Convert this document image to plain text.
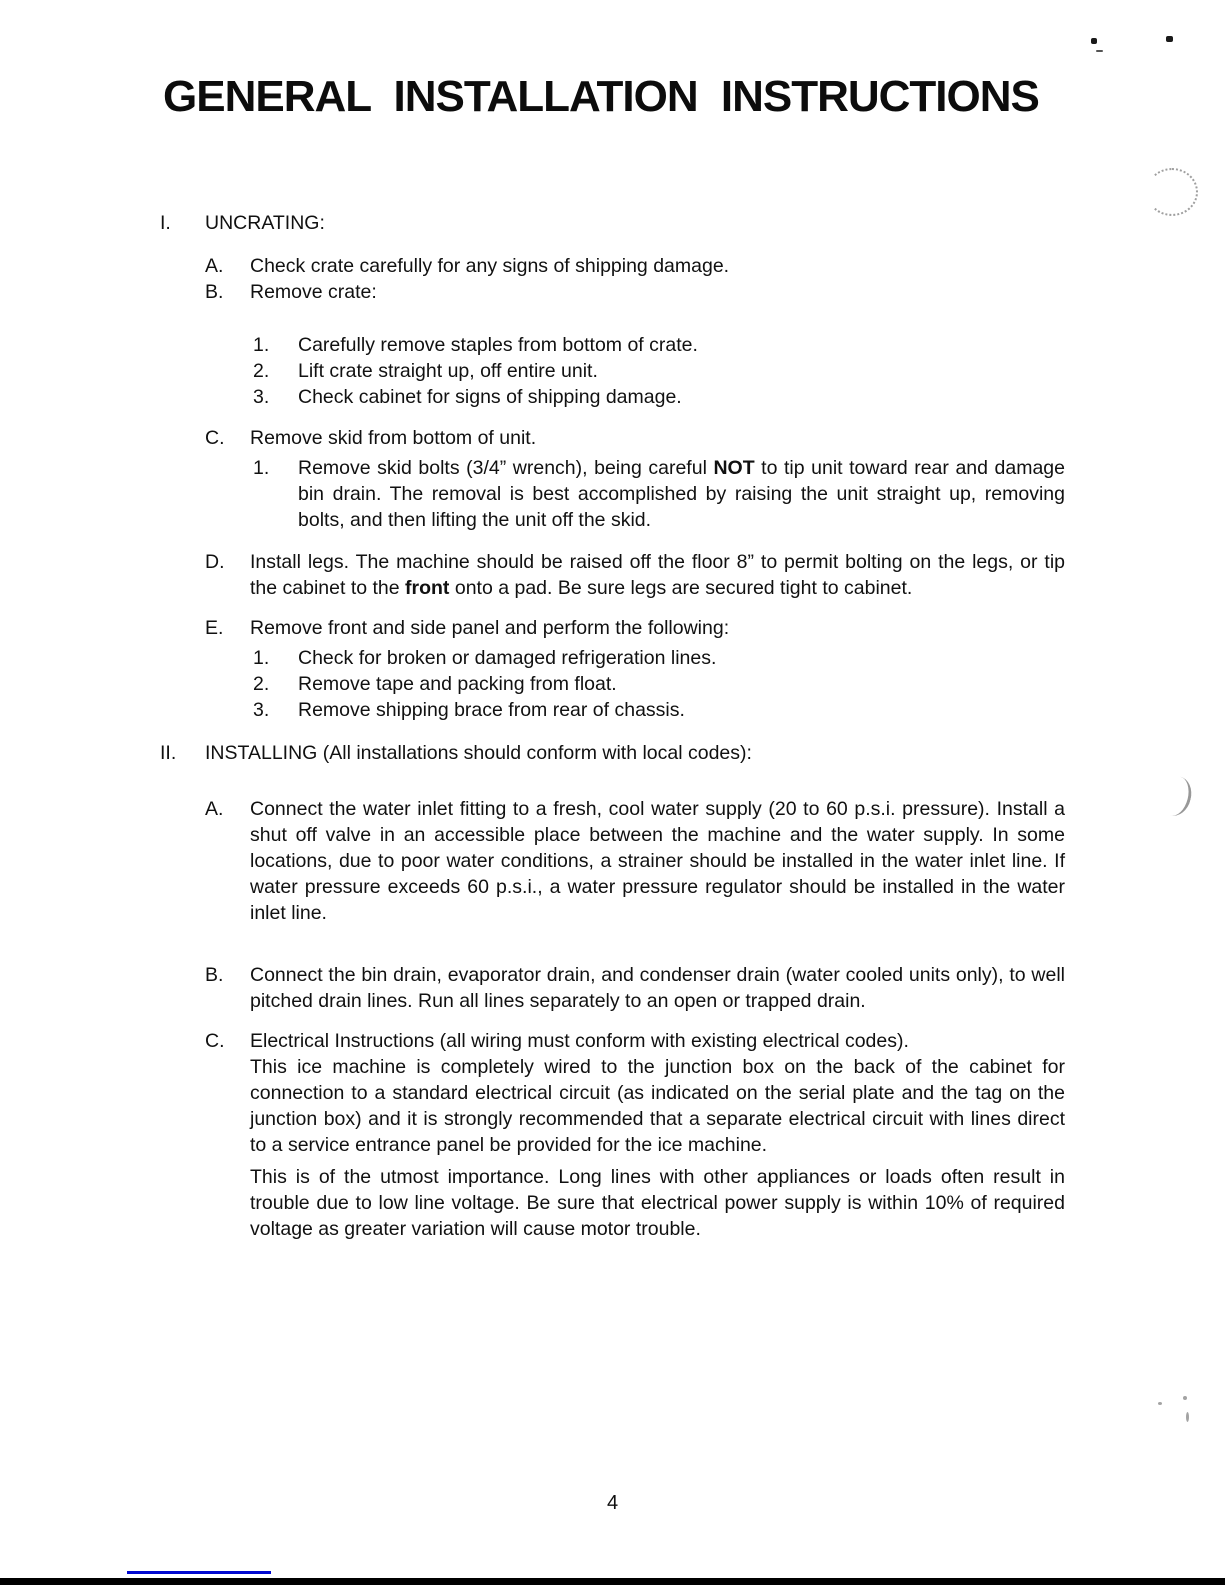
GENERAL INSTALLATION INSTRUCTIONS
I.	UNCRATING:
A.	Check crate carefully for any signs of shipping damage.
B.	Remove crate:
1.	Carefully remove staples from bottom of crate.
2.	Lift crate straight up, off entire unit.
3.	Check cabinet for signs of shipping damage.
C.	Remove skid from bottom of unit.
1.	Remove skid bolts (3/4” wrench), being careful NOT to tip unit toward rear and damage bin drain. The removal is best accomplished by raising the unit straight up, removing bolts, and then lifting the unit off the skid.
D.	Install legs. The machine should be raised off the floor 8” to permit bolting on the legs, or tip the cabinet to the front onto a pad. Be sure legs are secured tight to cabinet.
E.	Remove front and side panel and perform the following:
1.	Check for broken or damaged refrigeration lines.
2.	Remove tape and packing from float.
3.	Remove shipping brace from rear of chassis.
II.	INSTALLING (All installations should conform with local codes):
A.	Connect the water inlet fitting to a fresh, cool water supply (20 to 60 p.s.i. pressure). Install a shut off valve in an accessible place between the machine and the water supply. In some locations, due to poor water conditions, a strainer should be installed in the water inlet line. If water pressure exceeds 60 p.s.i., a water pressure regulator should be installed in the water inlet line.
B.	Connect the bin drain, evaporator drain, and condenser drain (water cooled units only), to well pitched drain lines. Run all lines separately to an open or trapped drain.
C.	Electrical Instructions (all wiring must conform with existing electrical codes).
This ice machine is completely wired to the junction box on the back of the cabinet for connection to a standard electrical circuit (as indicated on the serial plate and the tag on the junction box) and it is strongly recommended that a separate electrical circuit with lines direct to a service entrance panel be provided for the ice machine.
This is of the utmost importance. Long lines with other appliances or loads often result in trouble due to low line voltage. Be sure that electrical power supply is within 10% of required voltage as greater variation will cause motor trouble.
4
